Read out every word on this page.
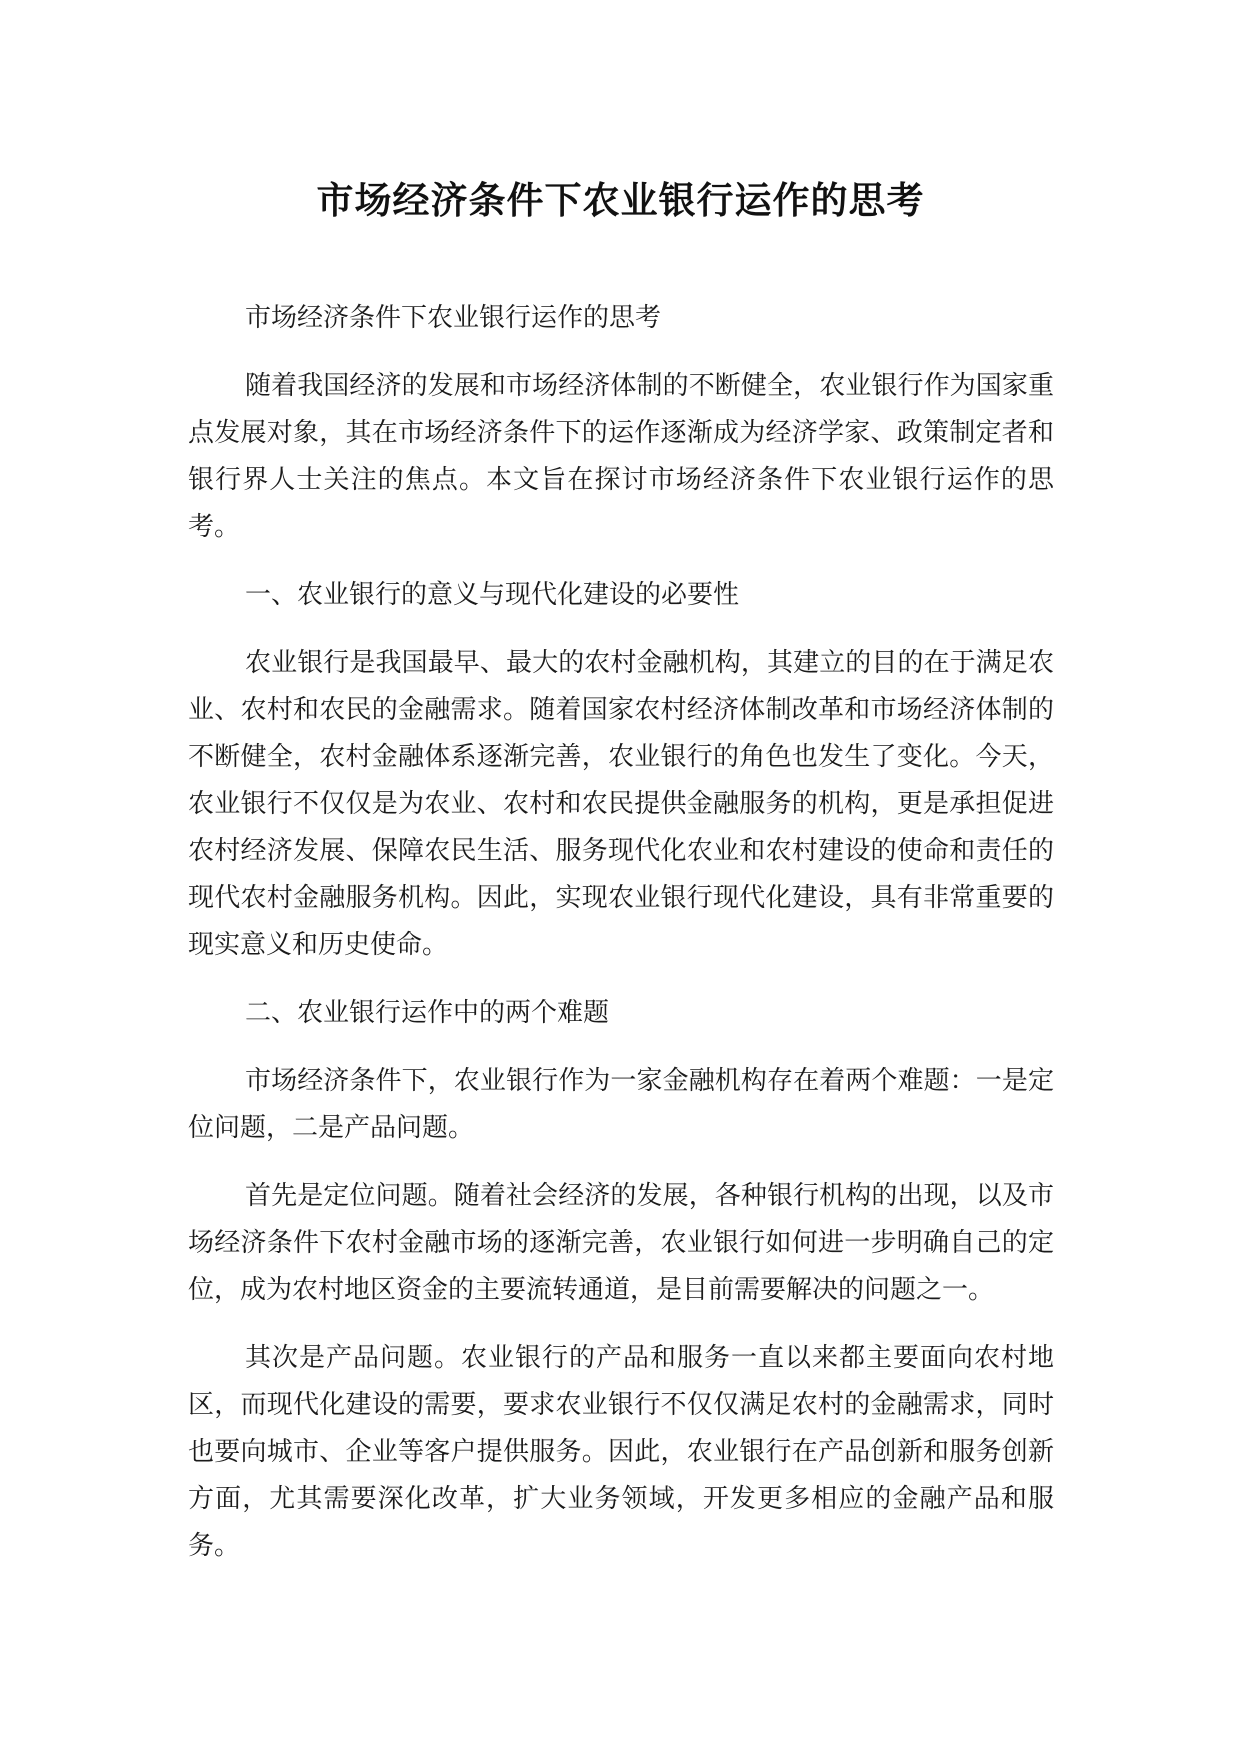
市场经济条件下农业银行运作的思考

市场经济条件下农业银行运作的思考

随着我国经济的发展和市场经济体制的不断健全，农业银行作为国家重点发展对象，其在市场经济条件下的运作逐渐成为经济学家、政策制定者和银行界人士关注的焦点。本文旨在探讨市场经济条件下农业银行运作的思考。

一、农业银行的意义与现代化建设的必要性

农业银行是我国最早、最大的农村金融机构，其建立的目的在于满足农业、农村和农民的金融需求。随着国家农村经济体制改革和市场经济体制的不断健全，农村金融体系逐渐完善，农业银行的角色也发生了变化。今天，农业银行不仅仅是为农业、农村和农民提供金融服务的机构，更是承担促进农村经济发展、保障农民生活、服务现代化农业和农村建设的使命和责任的现代农村金融服务机构。因此，实现农业银行现代化建设，具有非常重要的现实意义和历史使命。

二、农业银行运作中的两个难题

市场经济条件下，农业银行作为一家金融机构存在着两个难题：一是定位问题，二是产品问题。

首先是定位问题。随着社会经济的发展，各种银行机构的出现，以及市场经济条件下农村金融市场的逐渐完善，农业银行如何进一步明确自己的定位，成为农村地区资金的主要流转通道，是目前需要解决的问题之一。

其次是产品问题。农业银行的产品和服务一直以来都主要面向农村地区，而现代化建设的需要，要求农业银行不仅仅满足农村的金融需求，同时也要向城市、企业等客户提供服务。因此，农业银行在产品创新和服务创新方面，尤其需要深化改革，扩大业务领域，开发更多相应的金融产品和服务。
